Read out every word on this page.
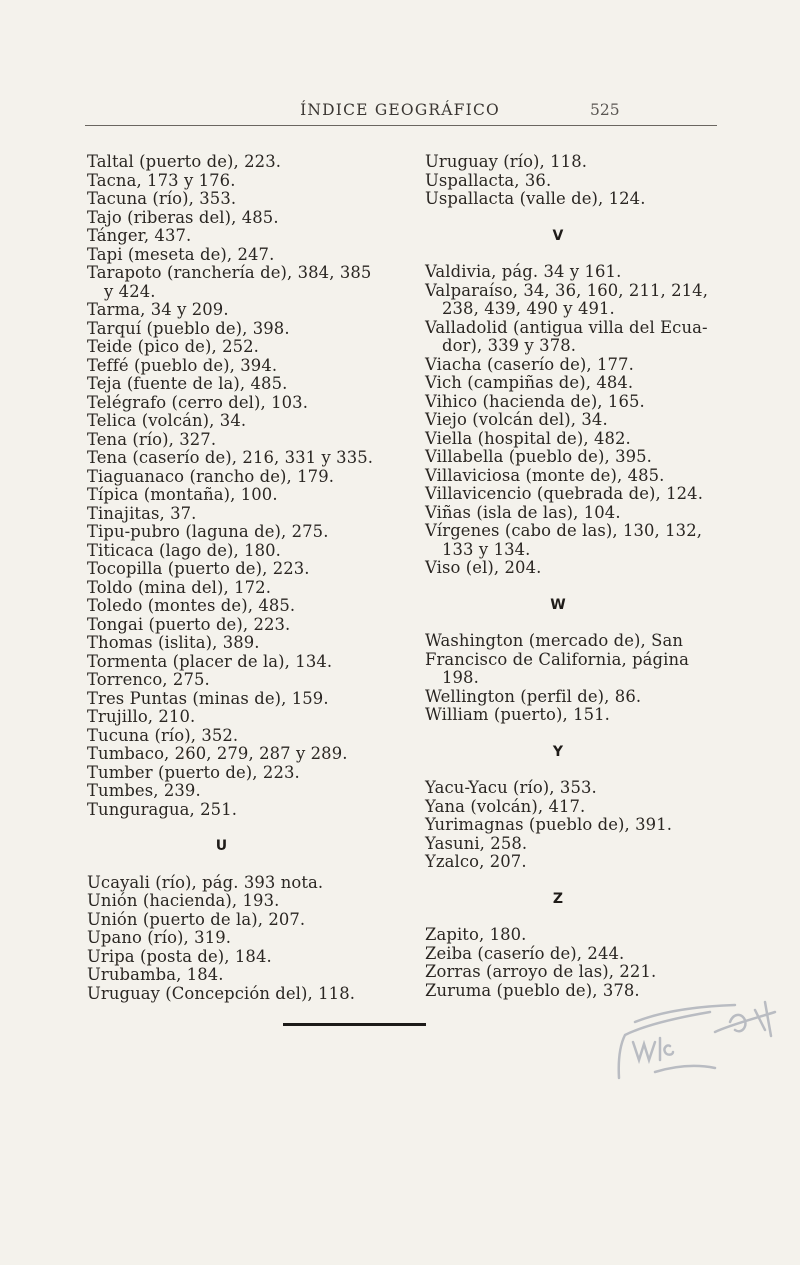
ÍNDICE GEOGRÁFICO	525
Taltal (puerto de), 223.
Tacna, 173 y 176.
Tacuna (río), 353.
Tajo (riberas del), 485.
Tánger, 437.
Tapi (meseta de), 247.
Tarapoto (ranchería de), 384, 385
y 424.
Tarma, 34 y 209.
Tarquí (pueblo de), 398.
Teide (pico de), 252.
Teffé (pueblo de), 394.
Teja (fuente de la), 485.
Telégrafo (cerro del), 103.
Telica (volcán), 34.
Tena (río), 327.
Tena (caserío de), 216, 331 y 335.
Tiaguanaco (rancho de), 179.
Típica (montaña), 100.
Tinajitas, 37.
Tipu-pubro (laguna de), 275.
Titicaca (lago de), 180.
Tocopilla (puerto de), 223.
Toldo (mina del), 172.
Toledo (montes de), 485.
Tongai (puerto de), 223.
Thomas (islita), 389.
Tormenta (placer de la), 134.
Torrenco, 275.
Tres Puntas (minas de), 159.
Trujillo, 210.
Tucuna (río), 352.
Tumbaco, 260, 279, 287 y 289.
Tumber (puerto de), 223.
Tumbes, 239.
Tunguragua, 251.
U
Ucayali (río), pág. 393 nota.
Unión (hacienda), 193.
Unión (puerto de la), 207.
Upano (río), 319.
Uripa (posta de), 184.
Urubamba, 184.
Uruguay (Concepción del), 118.
Uruguay (río), 118.
Uspallacta, 36.
Uspallacta (valle de), 124.
V
Valdivia, pág. 34 y 161.
Valparaíso, 34, 36, 160, 211, 214,
238, 439, 490 y 491.
Valladolid (antigua villa del Ecua-
dor), 339 y 378.
Viacha (caserío de), 177.
Vich (campiñas de), 484.
Vihico (hacienda de), 165.
Viejo (volcán del), 34.
Viella (hospital de), 482.
Villabella (pueblo de), 395.
Villaviciosa (monte de), 485.
Villavicencio (quebrada de), 124.
Viñas (isla de las), 104.
Vírgenes (cabo de las), 130, 132,
133 y 134.
Viso (el), 204.
W
Washington (mercado de), San
Francisco de California, página
198.
Wellington (perfil de), 86.
William (puerto), 151.
Y
Yacu-Yacu (río), 353.
Yana (volcán), 417.
Yurimagnas (pueblo de), 391.
Yasuni, 258.
Yzalco, 207.
Z
Zapito, 180.
Zeiba (caserío de), 244.
Zorras (arroyo de las), 221.
Zuruma (pueblo de), 378.
